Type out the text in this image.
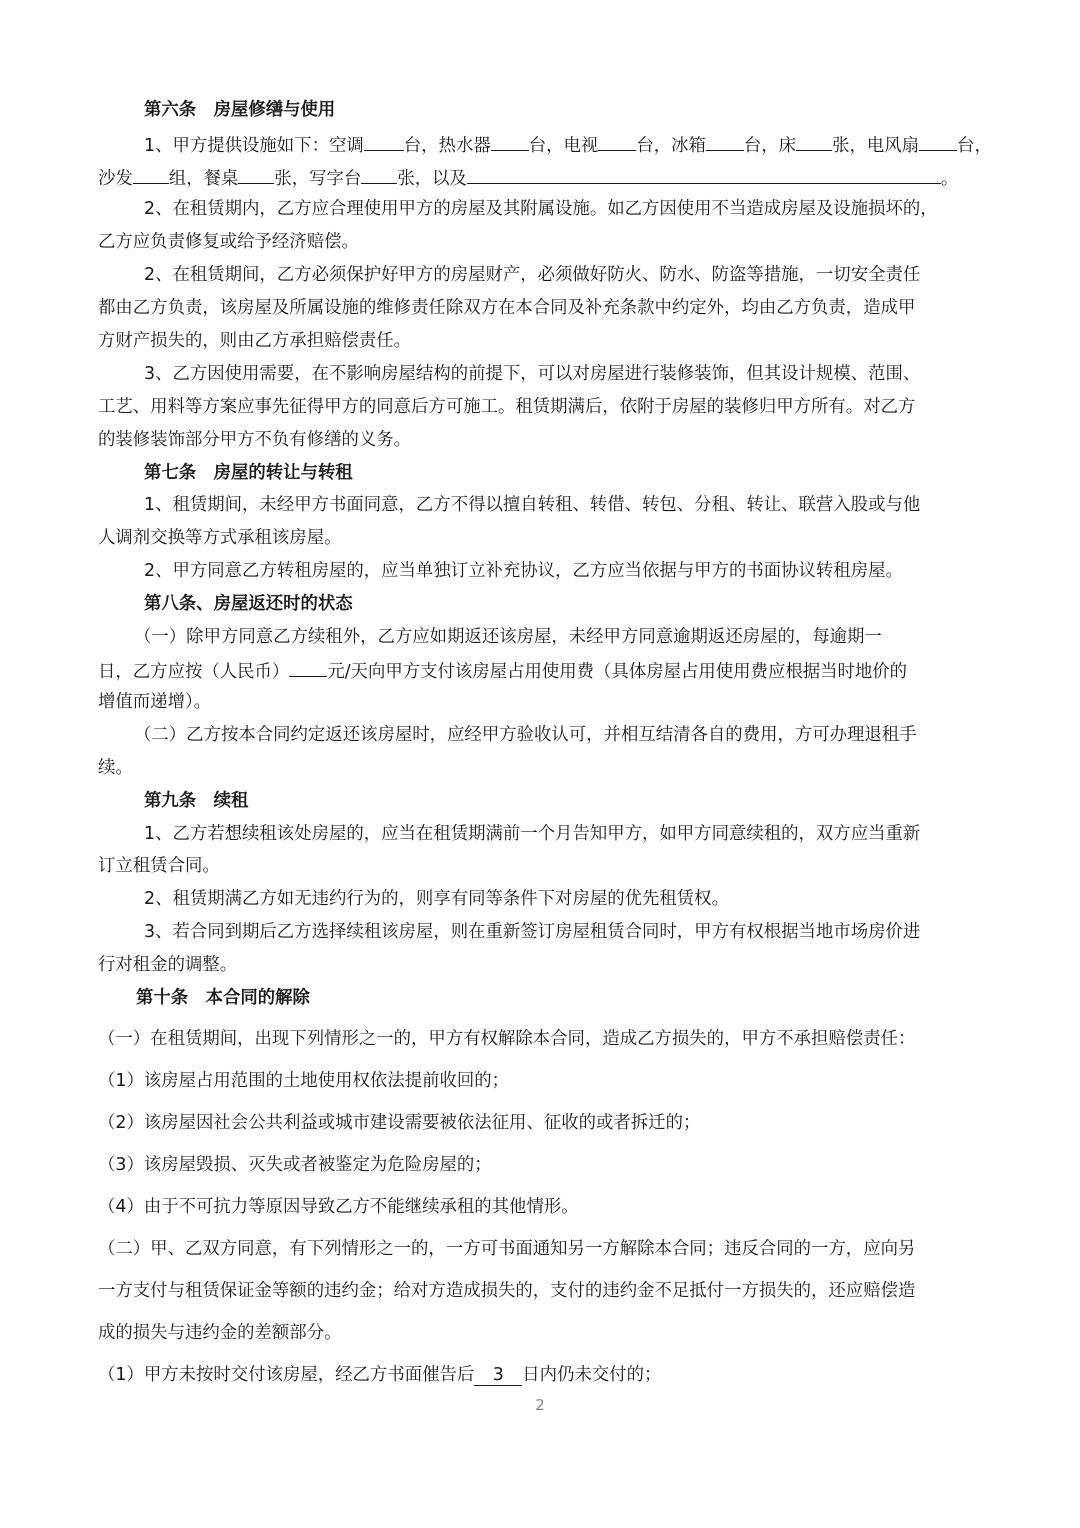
第六条　房屋修缮与使用
1、甲方提供设施如下：空调 台，热水器 台，电视 台，冰箱 台，床 张，电风扇 台，
沙发 组，餐桌 张，写字台 张，以及	。
2、在租赁期内，乙方应合理使用甲方的房屋及其附属设施。如乙方因使用不当造成房屋及设施损坏的，
乙方应负责修复或给予经济赔偿。
2、在租赁期间，乙方必须保护好甲方的房屋财产，必须做好防火、防水、防盗等措施，一切安全责任
都由乙方负责，该房屋及所属设施的维修责任除双方在本合同及补充条款中约定外，均由乙方负责，造成甲
方财产损失的，则由乙方承担赔偿责任。
3、乙方因使用需要，在不影响房屋结构的前提下，可以对房屋进行装修装饰，但其设计规模、范围、
工艺、用料等方案应事先征得甲方的同意后方可施工。租赁期满后，依附于房屋的装修归甲方所有。对乙方
的装修装饰部分甲方不负有修缮的义务。
第七条　房屋的转让与转租
1、租赁期间，未经甲方书面同意，乙方不得以擅自转租、转借、转包、分租、转让、联营入股或与他
人调剂交换等方式承租该房屋。
2、甲方同意乙方转租房屋的，应当单独订立补充协议，乙方应当依据与甲方的书面协议转租房屋。
第八条、房屋返还时的状态
（一）除甲方同意乙方续租外，乙方应如期返还该房屋，未经甲方同意逾期返还房屋的，每逾期一
日，乙方应按（人民币） 元/天向甲方支付该房屋占用使用费（具体房屋占用使用费应根据当时地价的
增值而递增）。
（二）乙方按本合同约定返还该房屋时，应经甲方验收认可，并相互结清各自的费用，方可办理退租手
续。
第九条　续租
1、乙方若想续租该处房屋的，应当在租赁期满前一个月告知甲方，如甲方同意续租的，双方应当重新
订立租赁合同。
2、租赁期满乙方如无违约行为的，则享有同等条件下对房屋的优先租赁权。
3、若合同到期后乙方选择续租该房屋，则在重新签订房屋租赁合同时，甲方有权根据当地市场房价进
行对租金的调整。
第十条　本合同的解除
（一）在租赁期间，出现下列情形之一的，甲方有权解除本合同，造成乙方损失的，甲方不承担赔偿责任：
（1）该房屋占用范围的土地使用权依法提前收回的；
（2）该房屋因社会公共利益或城市建设需要被依法征用、征收的或者拆迁的；
（3）该房屋毁损、灭失或者被鉴定为危险房屋的；
（4）由于不可抗力等原因导致乙方不能继续承租的其他情形。
（二）甲、乙双方同意，有下列情形之一的，一方可书面通知另一方解除本合同；违反合同的一方，应向另
一方支付与租赁保证金等额的违约金；给对方造成损失的，支付的违约金不足抵付一方损失的，还应赔偿造
成的损失与违约金的差额部分。
（1）甲方未按时交付该房屋，经乙方书面催告后 3 日内仍未交付的；
2
